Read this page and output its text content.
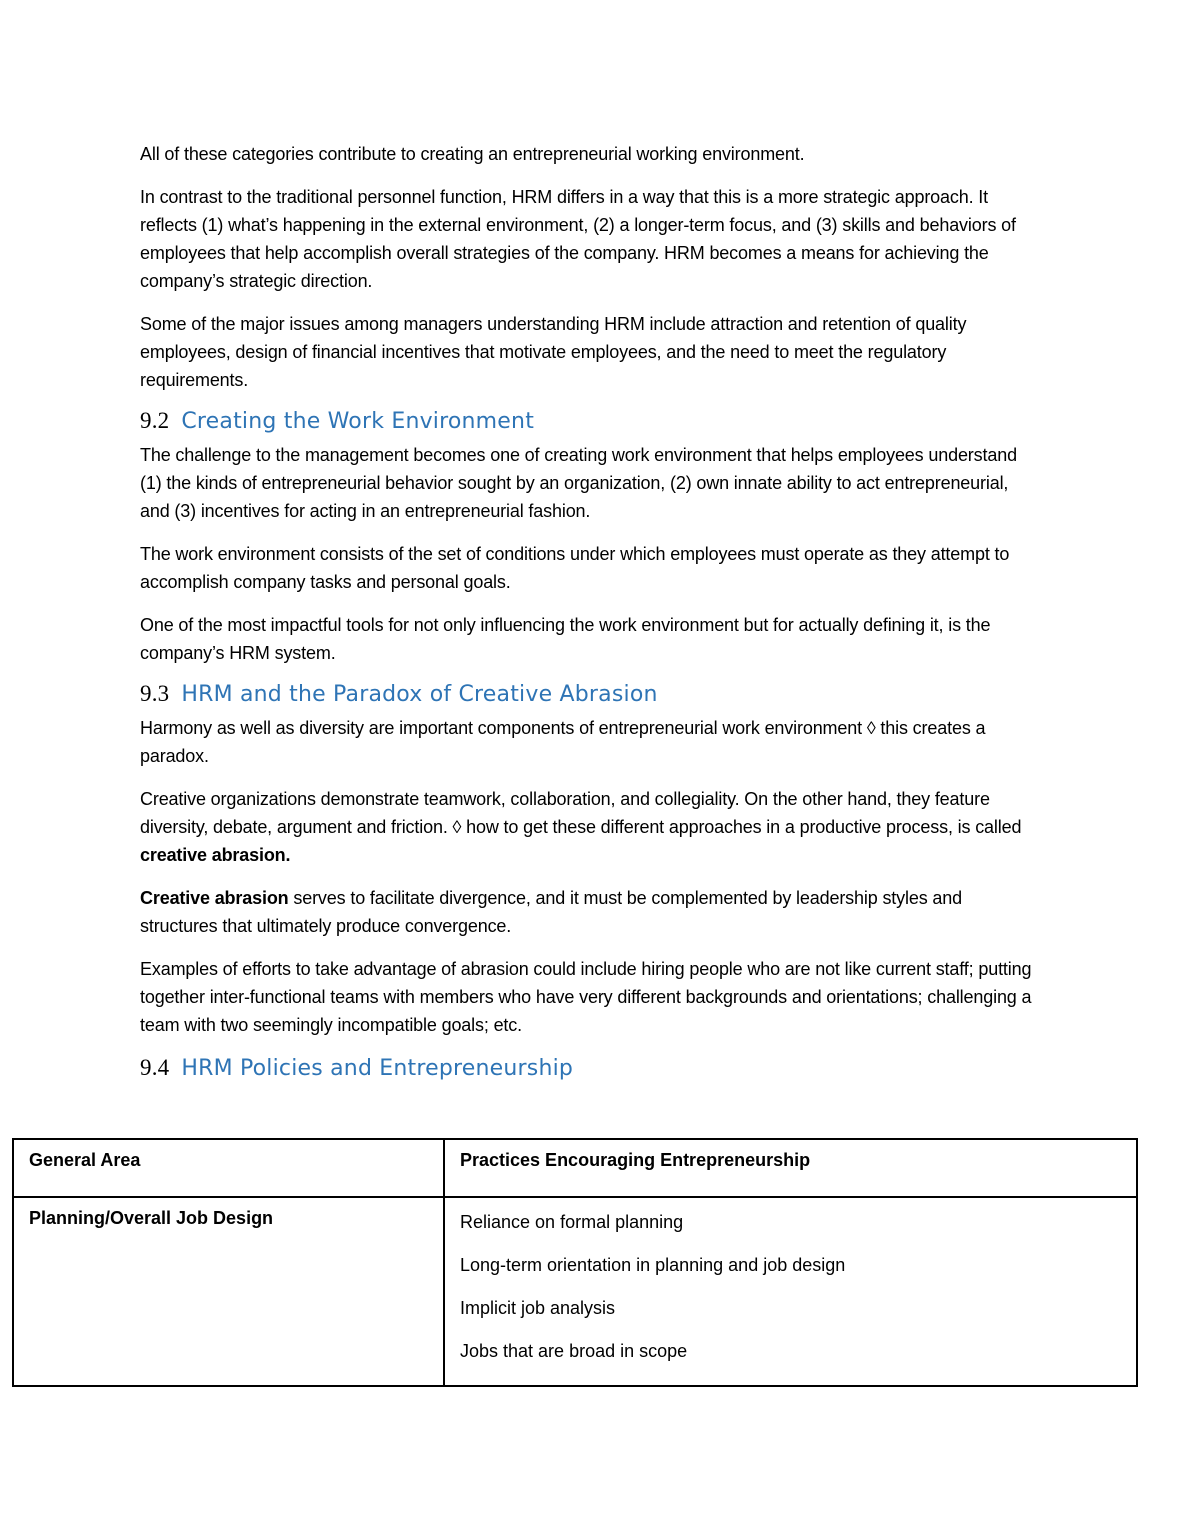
All of these categories contribute to creating an entrepreneurial working environment.

In contrast to the traditional personnel function, HRM differs in a way that this is a more strategic approach. It reflects (1) what’s happening in the external environment, (2) a longer-term focus, and (3) skills and behaviors of employees that help accomplish overall strategies of the company. HRM becomes a means for achieving the company’s strategic direction.

Some of the major issues among managers understanding HRM include attraction and retention of quality employees, design of financial incentives that motivate employees, and the need to meet the regulatory requirements.

9.2 Creating the Work Environment

The challenge to the management becomes one of creating work environment that helps employees understand (1) the kinds of entrepreneurial behavior sought by an organization, (2) own innate ability to act entrepreneurial, and (3) incentives for acting in an entrepreneurial fashion.

The work environment consists of the set of conditions under which employees must operate as they attempt to accomplish company tasks and personal goals.

One of the most impactful tools for not only influencing the work environment but for actually defining it, is the company’s HRM system.

9.3 HRM and the Paradox of Creative Abrasion

Harmony as well as diversity are important components of entrepreneurial work environment ◊ this creates a paradox.

Creative organizations demonstrate teamwork, collaboration, and collegiality. On the other hand, they feature diversity, debate, argument and friction. ◊ how to get these different approaches in a productive process, is called creative abrasion.

Creative abrasion serves to facilitate divergence, and it must be complemented by leadership styles and structures that ultimately produce convergence.

Examples of efforts to take advantage of abrasion could include hiring people who are not like current staff; putting together inter-functional teams with members who have very different backgrounds and orientations; challenging a team with two seemingly incompatible goals; etc.

9.4 HRM Policies and Entrepreneurship
General Area	Practices Encouraging Entrepreneurship
Planning/Overall Job Design	Reliance on formal planning
Long-term orientation in planning and job design
Implicit job analysis
Jobs that are broad in scope
